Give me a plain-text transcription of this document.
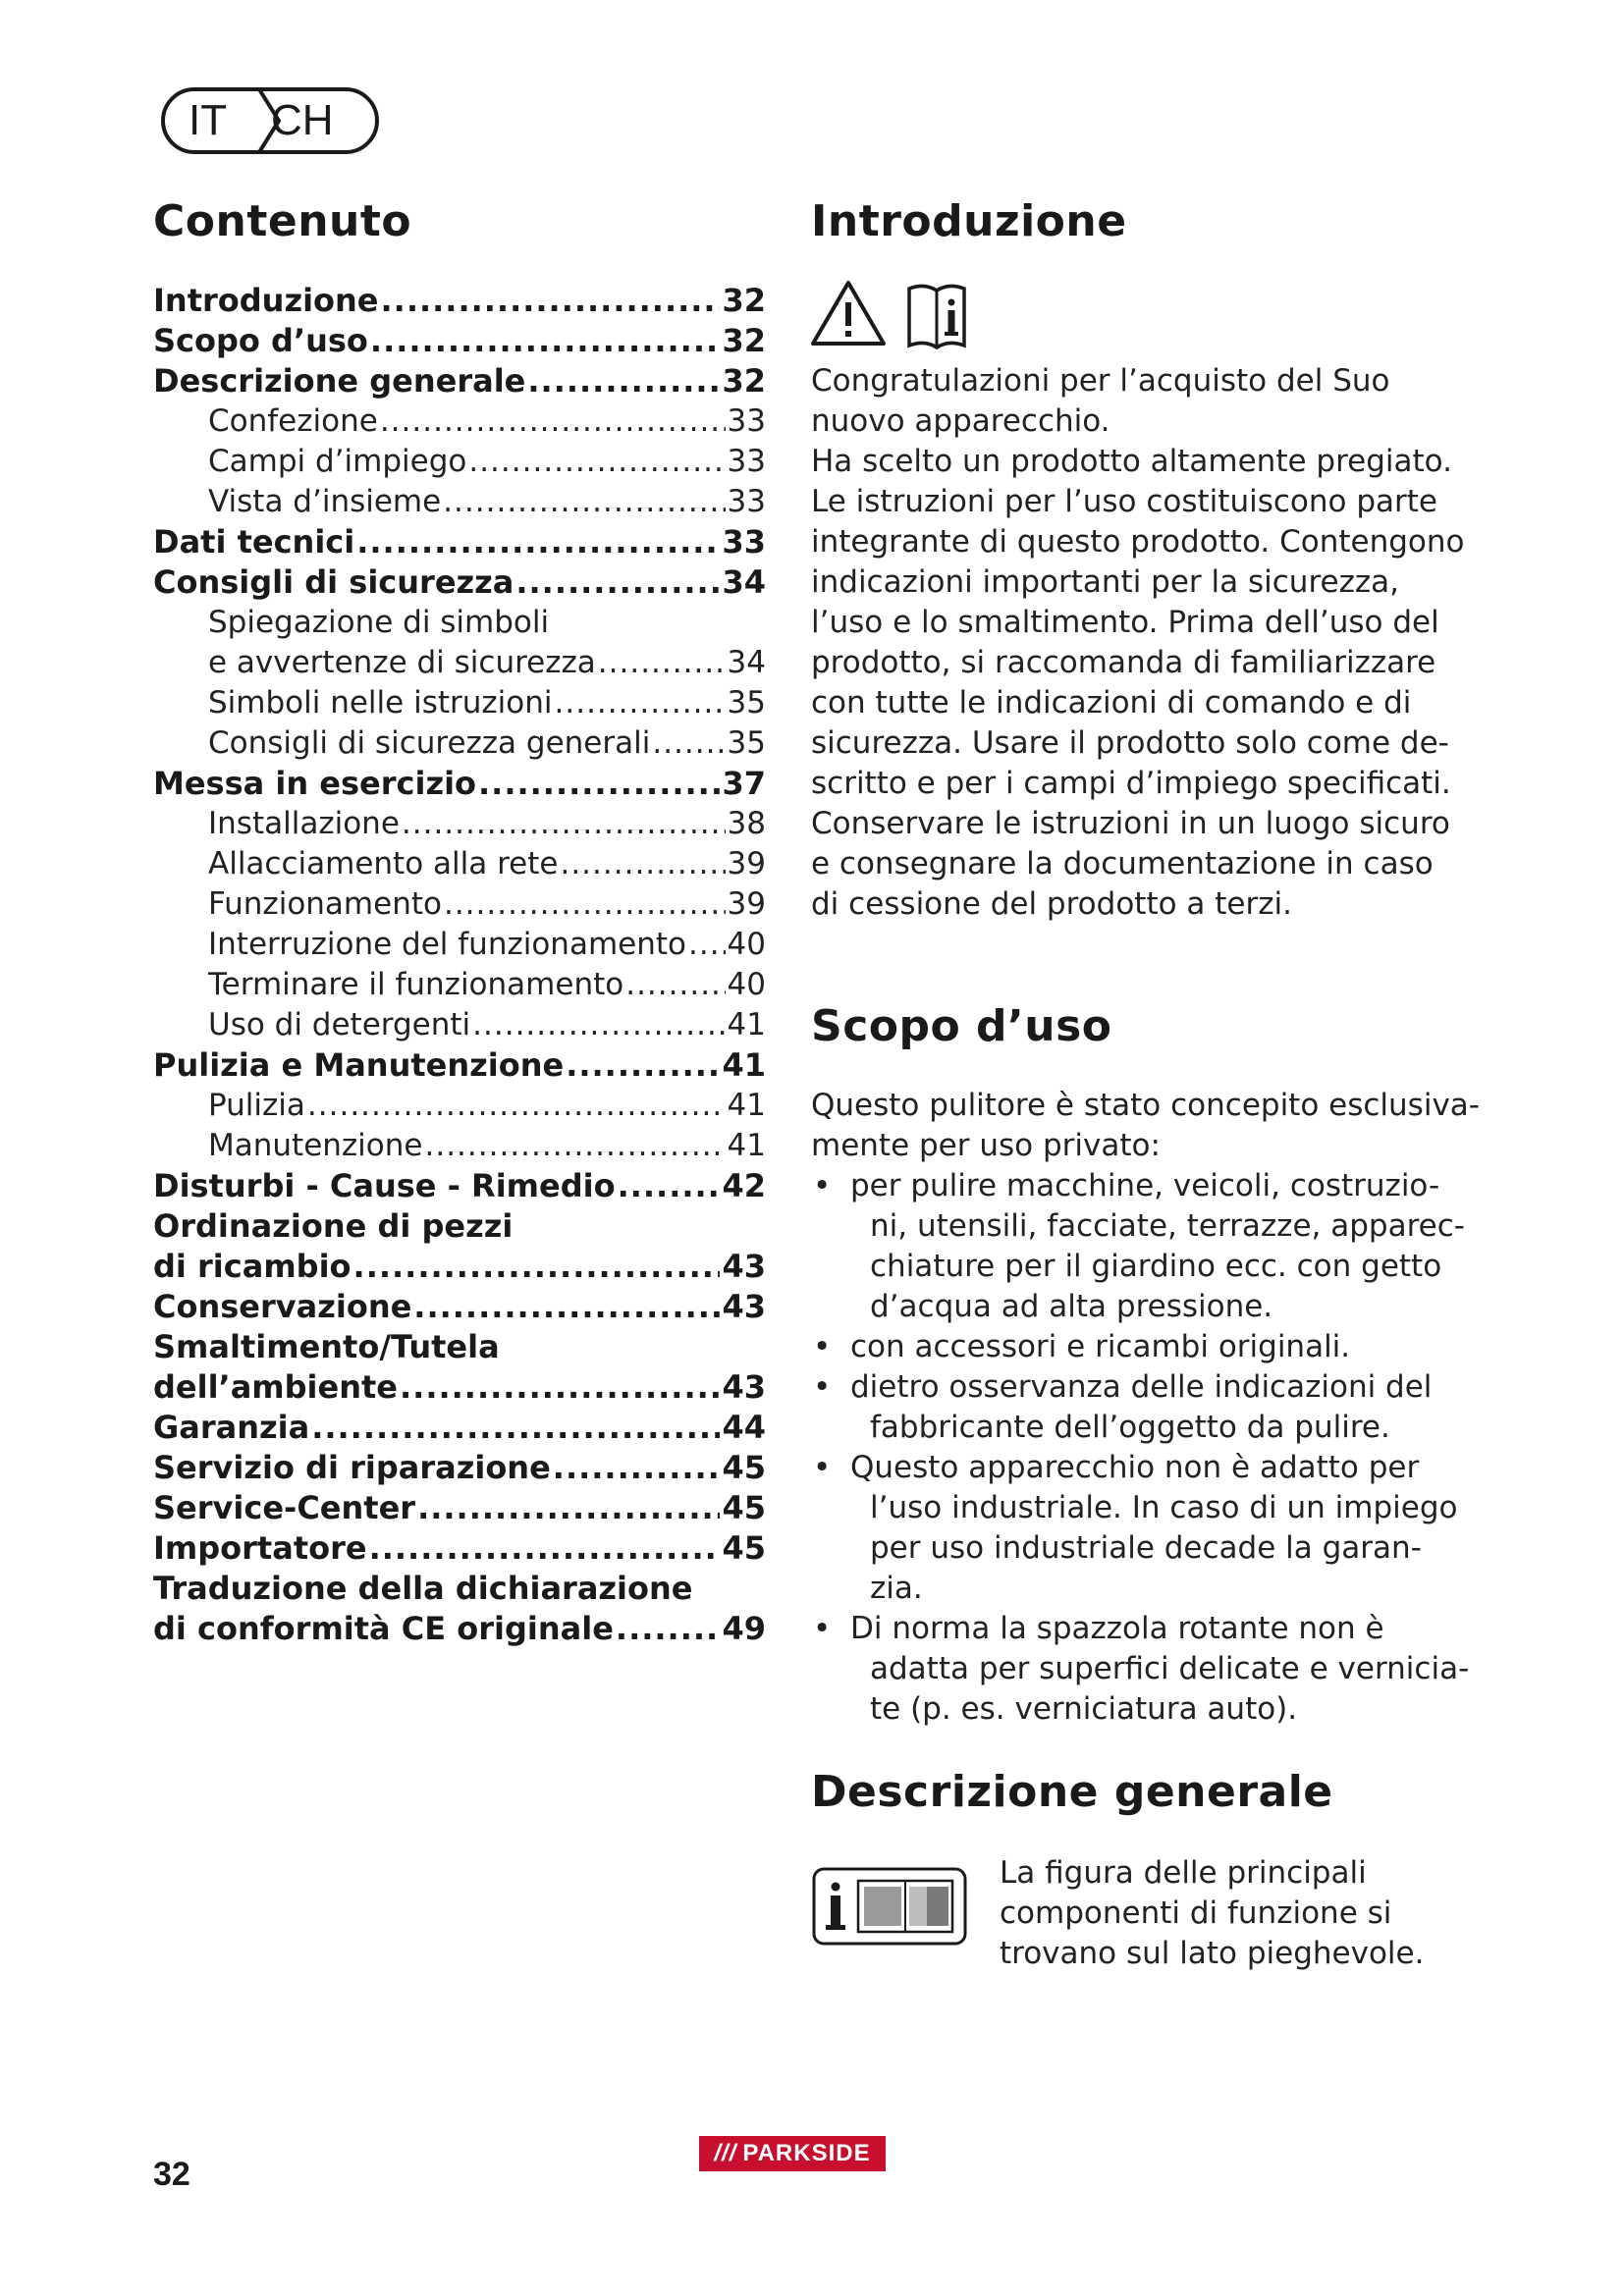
IT CH
Contenuto
Introduzione .....	32
Scopo d’uso .....	32
Descrizione generale .....	32
Confezione .....	33
Campi d’impiego .....	33
Vista d’insieme .....	33
Dati tecnici .....	33
Consigli di sicurezza .....	34
Spiegazione di simboli
e avvertenze di sicurezza .....	34
Simboli nelle istruzioni .....	35
Consigli di sicurezza generali .....	35
Messa in esercizio .....	37
Installazione .....	38
Allacciamento alla rete .....	39
Funzionamento .....	39
Interruzione del funzionamento ..... 40
Terminare il funzionamento .....	40
Uso di detergenti .....	41
Pulizia e Manutenzione .....	41
Pulizia .....	41
Manutenzione .....	41
Disturbi - Cause - Rimedio .....	42
Ordinazione di pezzi
di ricambio .....	43
Conservazione .....	43
Smaltimento/Tutela
dell’ambiente .....	43
Garanzia .....	44
Servizio di riparazione .....	45
Service-Center .....	45
Importatore .....	45
Traduzione della dichiarazione
di conformità CE originale .....	49
Introduzione
Congratulazioni per l’acquisto del Suo
nuovo apparecchio.
Ha scelto un prodotto altamente pregiato.
Le istruzioni per l’uso costituiscono parte
integrante di questo prodotto. Contengono
indicazioni importanti per la sicurezza,
l’uso e lo smaltimento. Prima dell’uso del
prodotto, si raccomanda di familiarizzare
con tutte le indicazioni di comando e di
sicurezza. Usare il prodotto solo come de-
scritto e per i campi d’impiego specificati.
Conservare le istruzioni in un luogo sicuro
e consegnare la documentazione in caso
di cessione del prodotto a terzi.
Scopo d’uso
Questo pulitore è stato concepito esclusiva-
mente per uso privato:
• per pulire macchine, veicoli, costruzio-
ni, utensili, facciate, terrazze, apparec-
chiature per il giardino ecc. con getto
d’acqua ad alta pressione.
• con accessori e ricambi originali.
• dietro osservanza delle indicazioni del
fabbricante dell’oggetto da pulire.
• Questo apparecchio non è adatto per
l’uso industriale. In caso di un impiego
per uso industriale decade la garan-
zia.
• Di norma la spazzola rotante non è
adatta per superfici delicate e vernicia-
te (p. es. verniciatura auto).
Descrizione generale
La figura delle principali
componenti di funzione si
trovano sul lato pieghevole.
32
/// PARKSIDE
